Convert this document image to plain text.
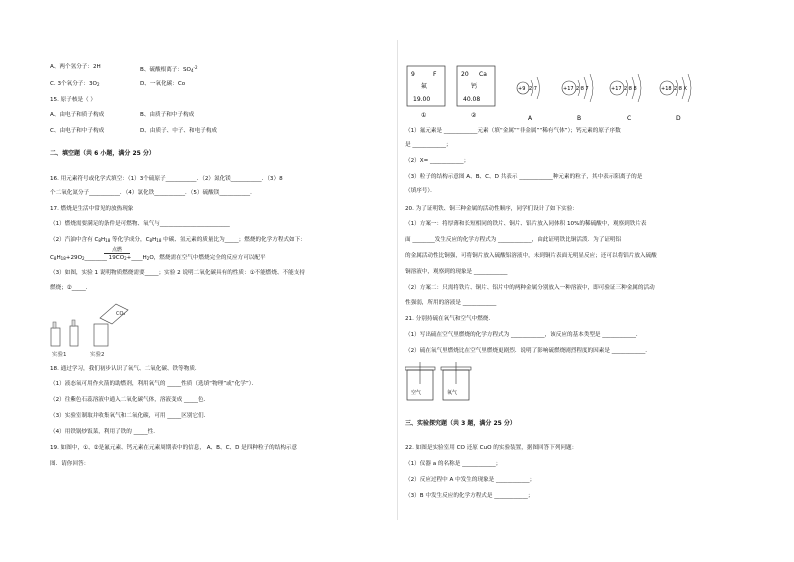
A、两个氢分子：2H	B、硫酸根离子：$SO_4^{-2}$
C. 3个氧分子：$3O_2$	D、一氧化碳：Co
15. 原子核是（ ）
A、由电子和质子构成	B、由质子和中子构成
C、由电子和中子构成	D、由质子、中子、和电子构成
二、填空题（共 6 小题，满分 25 分）
16. 用元素符号或化学式填空：（1）3个硫原子___________．（2）氮化镁___________．（3）8
个二氧化氮分子___________．（4）氯化铁___________．（5）硫酸镁___________．
17. 燃烧是生活中常见的放热现象
（1）燃烧需要满足的条件是可燃物、氧气与_________________________
（2）汽油中含有 $C_8H_{18}$ 等化学成分，$C_8H_{18}$ 中碳、氢元素的质量比为_____；燃烧的化学方程式如下：
点燃
$C_8H_{18}+29O_2\_\_\_\_\_\_\_\_$ $19CO_2+\_\_\_\_H_2O$，燃烧需在空气中燃烧完全的反应方可以配平
（3）如图，实验 1 说明物质燃烧需要_____；实验 2 说明二氧化碳具有的性质：①不能燃烧、不能支持
燃烧；②_____．
CO₂
实验1	实验2
18. 通过学习，我们初步认识了氧气、二氧化碳、铁等物质．
（1）液态氧可用作火箭的助燃剂，利用氧气的 _____性质（选填“物理”或“化学”）．
（2）往紫色石蕊溶液中通入二氧化碳气体，溶液变成 _____色．
（3）实验室制取并收集氧气和二氧化碳，可用 _____区别它们．
（4）用铁锅炒饭菜，利用了铁的 _____性．
19. 如图中，①、②是氟元素、钙元素在元素周期表中的信息， A、B、C、D 是四种粒子的结构示意
图．请你回答：
9	F
氟
19.00
①
20 Ca
钙
40.08
②
+9 2 7
A
+17 2 8 7
B
+17 2 8 8
C
+18 2 8 X
D
（1）氟元素是 ____________元素（填“金属”“非金属”“稀有气体”）；钙元素的原子序数
是 ____________；
（2）X= ____________；
（3）粒子的结构示意图 A、B、C、D 共表示 ____________种元素的粒子，其中表示阳离子的是
（填序号）．
20. 为了证明铁、铜三种金属的活动性顺序，同学们设计了如下实验：
（1）方案一：将厚薄和长短相同的铁片、铜片、铝片放入同体积 10%的稀硫酸中，观察到铁片表
面 ________发生反应的化学方程式为 ____________，由此证明铁比铜活泼．为了证明铝
的金属活动性比铜强，可将铜片放入硫酸铝溶液中，未到铜片表面无明显反应；还可以将铝片放入硫酸
铜溶液中，观察到的现象是 ____________
（2）方案二：只需将铁片、铜片、铝片中的两种金属分别放入一种溶液中，即可验证三种金属的活动
性强弱，所用的溶液是 ____________
21. 分别持硫在氧气和空气中燃烧．
（1）写出硫在空气里燃烧的化学方程式为 ____________，该反应的基本类型是 ____________．
（2）硫在氧气里燃烧比在空气里燃烧更剧烈．说明了影响硫燃烧剧烈程度的因素是 ____________．
空气	氧气
三、实验探究题（共 3 题，满分 25 分）
22. 如图是实验室用 CO 还原 CuO 的实验装置，据图回答下列问题：
（1）仪器 a 的名称是 ____________；
（2）反应过程中 A 中发生的现象是 ____________；
（3）B 中发生反应的化学方程式是 ____________；
